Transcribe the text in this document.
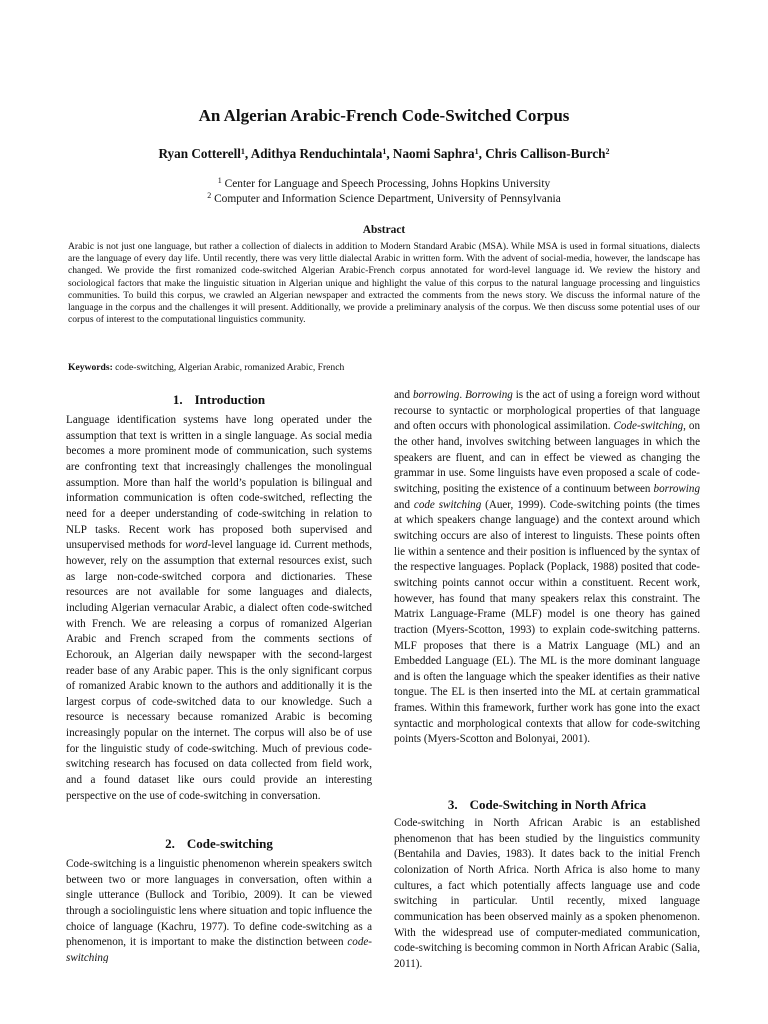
An Algerian Arabic-French Code-Switched Corpus
Ryan Cotterell$^1$, Adithya Renduchintala$^1$, Naomi Saphra$^1$, Chris Callison-Burch$^2$
$^1$ Center for Language and Speech Processing, Johns Hopkins University
$^2$ Computer and Information Science Department, University of Pennsylvania
Abstract
Arabic is not just one language, but rather a collection of dialects in addition to Modern Standard Arabic (MSA). While MSA is used in formal situations, dialects are the language of every day life. Until recently, there was very little dialectal Arabic in written form. With the advent of social-media, however, the landscape has changed. We provide the first romanized code-switched Algerian Arabic-French corpus annotated for word-level language id. We review the history and sociological factors that make the linguistic situation in Algerian unique and highlight the value of this corpus to the natural language processing and linguistics communities. To build this corpus, we crawled an Algerian newspaper and extracted the comments from the news story. We discuss the informal nature of the language in the corpus and the challenges it will present. Additionally, we provide a preliminary analysis of the corpus. We then discuss some potential uses of our corpus of interest to the computational linguistics community.
Keywords: code-switching, Algerian Arabic, romanized Arabic, French
1. Introduction
Language identification systems have long operated under the assumption that text is written in a single language. As social media becomes a more prominent mode of communication, such systems are confronting text that increasingly challenges the monolingual assumption. More than half the world’s population is bilingual and information communication is often code-switched, reflecting the need for a deeper understanding of code-switching in relation to NLP tasks. Recent work has proposed both supervised and unsupervised methods for word-level language id. Current methods, however, rely on the assumption that external resources exist, such as large non-code-switched corpora and dictionaries. These resources are not available for some languages and dialects, including Algerian vernacular Arabic, a dialect often code-switched with French. We are releasing a corpus of romanized Algerian Arabic and French scraped from the comments sections of Echorouk, an Algerian daily newspaper with the second-largest reader base of any Arabic paper. This is the only significant corpus of romanized Arabic known to the authors and additionally it is the largest corpus of code-switched data to our knowledge. Such a resource is necessary because romanized Arabic is becoming increasingly popular on the internet. The corpus will also be of use for the linguistic study of code-switching. Much of previous code-switching research has focused on data collected from field work, and a found dataset like ours could provide an interesting perspective on the use of code-switching in conversation.
2. Code-switching
Code-switching is a linguistic phenomenon wherein speakers switch between two or more languages in conversation, often within a single utterance (Bullock and Toribio, 2009). It can be viewed through a sociolinguistic lens where situation and topic influence the choice of language (Kachru, 1977). To define code-switching as a phenomenon, it is important to make the distinction between code-switching
and borrowing. Borrowing is the act of using a foreign word without recourse to syntactic or morphological properties of that language and often occurs with phonological assimilation. Code-switching, on the other hand, involves switching between languages in which the speakers are fluent, and can in effect be viewed as changing the grammar in use. Some linguists have even proposed a scale of code-switching, positing the existence of a continuum between borrowing and code switching (Auer, 1999). Code-switching points (the times at which speakers change language) and the context around which switching occurs are also of interest to linguists. These points often lie within a sentence and their position is influenced by the syntax of the respective languages. Poplack (Poplack, 1988) posited that code-switching points cannot occur within a constituent. Recent work, however, has found that many speakers relax this constraint. The Matrix Language-Frame (MLF) model is one theory has gained traction (Myers-Scotton, 1993) to explain code-switching patterns. MLF proposes that there is a Matrix Language (ML) and an Embedded Language (EL). The ML is the more dominant language and is often the language which the speaker identifies as their native tongue. The EL is then inserted into the ML at certain grammatical frames. Within this framework, further work has gone into the exact syntactic and morphological contexts that allow for code-switching points (Myers-Scotton and Bolonyai, 2001).
3. Code-Switching in North Africa
Code-switching in North African Arabic is an established phenomenon that has been studied by the linguistics community (Bentahila and Davies, 1983). It dates back to the initial French colonization of North Africa. North Africa is also home to many cultures, a fact which potentially affects language use and code switching in particular. Until recently, mixed language communication has been observed mainly as a spoken phenomenon. With the widespread use of computer-mediated communication, code-switching is becoming common in North African Arabic (Salia, 2011).
